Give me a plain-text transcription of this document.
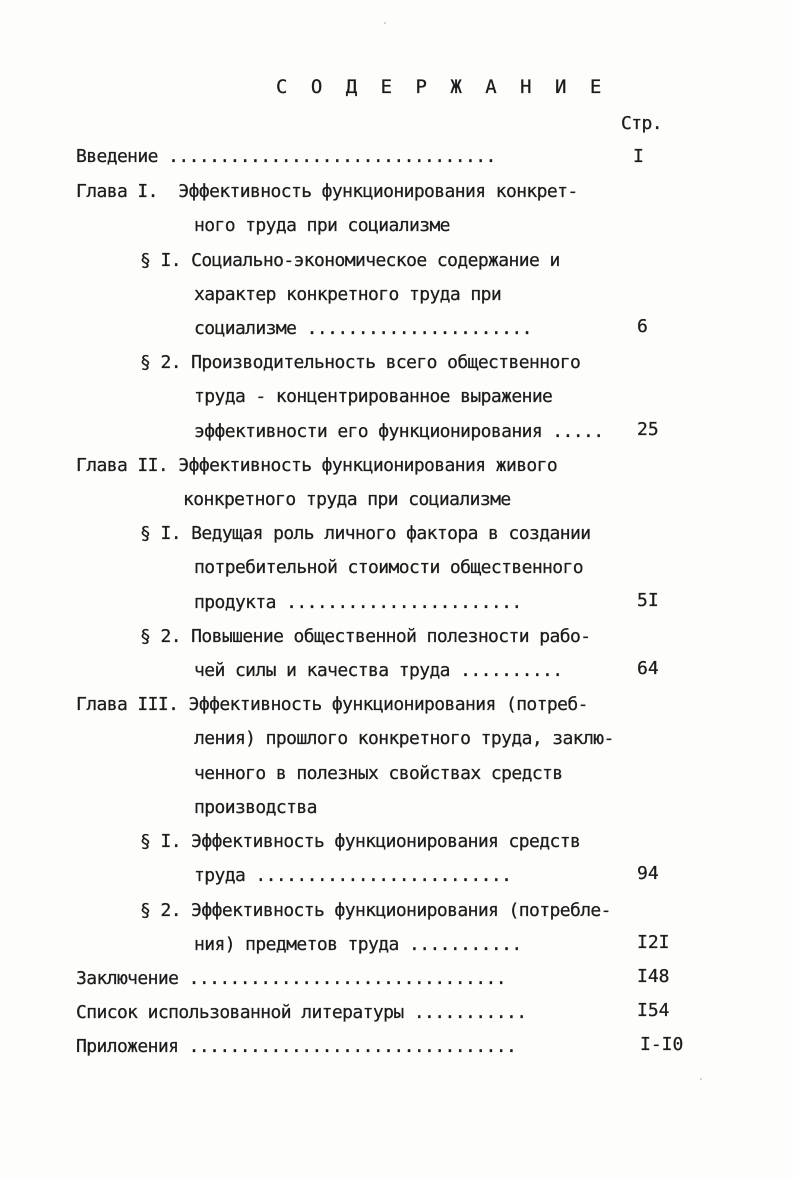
С О Д Е Р Ж А Н И Е
Стр.
Введение ................................	I
Глава I.  Эффективность функционирования конкрет-
ного труда при социализме
§ I. Социально-экономическое содержание и
характер конкретного труда при
социализме ......................	6
§ 2. Производительность всего общественного
труда - концентрированное выражение
эффективности его функционирования ..... 25
Глава II. Эффективность функционирования живого
конкретного труда при социализме
§ I. Ведущая роль личного фактора в создании
потребительной стоимости общественного
продукта .......................	5I
§ 2. Повышение общественной полезности рабо-
чей силы и качества труда ..........	64
Глава III. Эффективность функционирования (потреб-
ления) прошлого конкретного труда, заклю-
ченного в полезных свойствах средств
производства
§ I. Эффективность функционирования средств
труда .........................	94
§ 2. Эффективность функционирования (потребле-
ния) предметов труда ...........	I2I
Заключение ...............................	I48
Список использованной литературы ...........	I54
Приложения ................................	I-I0
